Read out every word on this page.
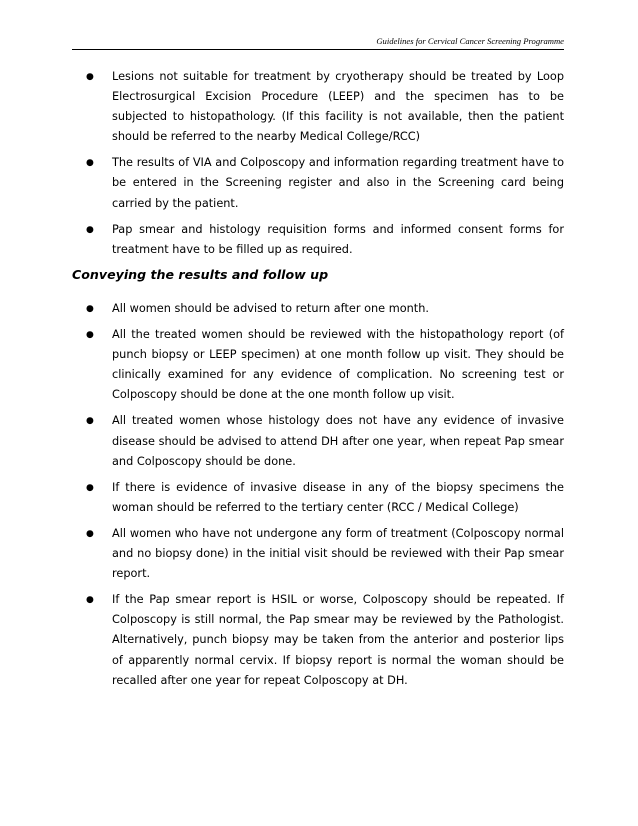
Guidelines for Cervical Cancer Screening Programme
● Lesions not suitable for treatment by cryotherapy should be treated by Loop Electrosurgical Excision Procedure (LEEP) and the specimen has to be subjected to histopathology. (If this facility is not available, then the patient should be referred to the nearby Medical College/RCC)
● The results of VIA and Colposcopy and information regarding treatment have to be entered in the Screening register and also in the Screening card being carried by the patient.
● Pap smear and histology requisition forms and informed consent forms for treatment have to be filled up as required.
Conveying the results and follow up
● All women should be advised to return after one month.
● All the treated women should be reviewed with the histopathology report (of punch biopsy or LEEP specimen) at one month follow up visit. They should be clinically examined for any evidence of complication. No screening test or Colposcopy should be done at the one month follow up visit.
● All treated women whose histology does not have any evidence of invasive disease should be advised to attend DH after one year, when repeat Pap smear and Colposcopy should be done.
● If there is evidence of invasive disease in any of the biopsy specimens the woman should be referred to the tertiary center (RCC / Medical College)
● All women who have not undergone any form of treatment (Colposcopy normal and no biopsy done) in the initial visit should be reviewed with their Pap smear report.
● If the Pap smear report is HSIL or worse, Colposcopy should be repeated. If Colposcopy is still normal, the Pap smear may be reviewed by the Pathologist. Alternatively, punch biopsy may be taken from the anterior and posterior lips of apparently normal cervix. If biopsy report is normal the woman should be recalled after one year for repeat Colposcopy at DH.
